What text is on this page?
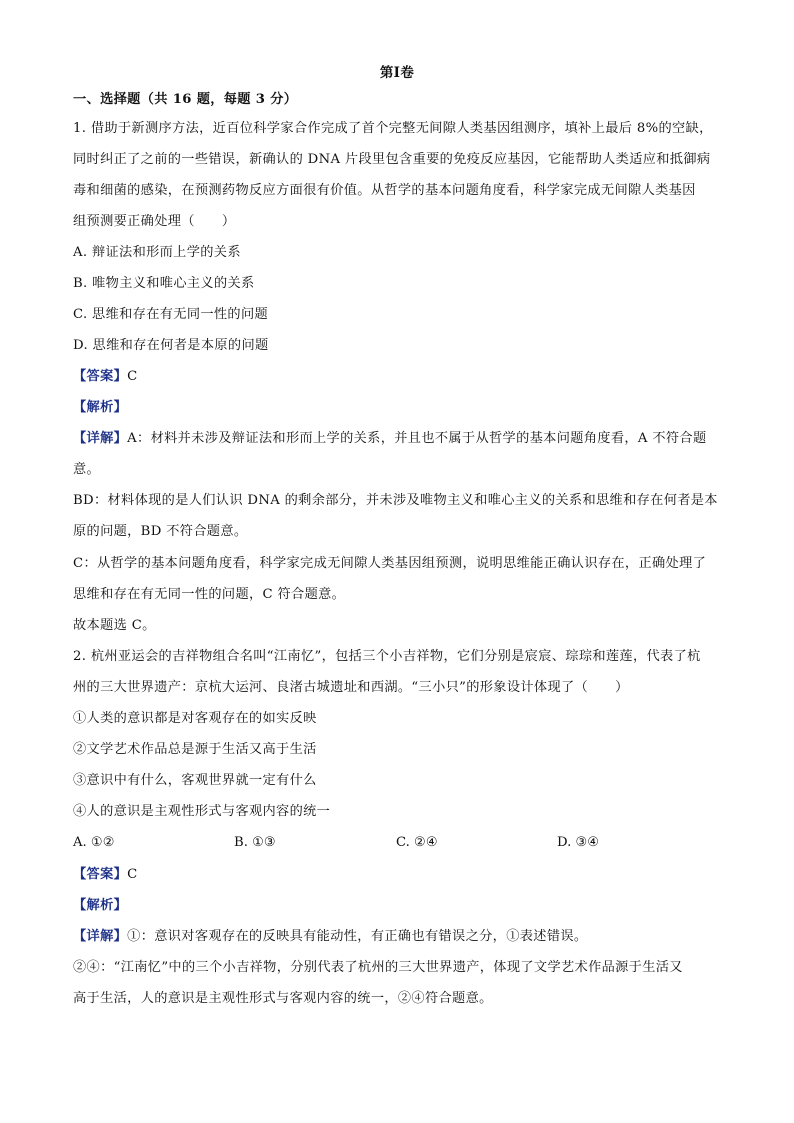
第Ⅰ卷
一、选择题（共 16 题，每题 3 分）
1. 借助于新测序方法，近百位科学家合作完成了首个完整无间隙人类基因组测序，填补上最后 8%的空缺，
同时纠正了之前的一些错误，新确认的 DNA 片段里包含重要的免疫反应基因，它能帮助人类适应和抵御病
毒和细菌的感染，在预测药物反应方面很有价值。从哲学的基本问题角度看，科学家完成无间隙人类基因
组预测要正确处理（　　）
A. 辩证法和形而上学的关系
B. 唯物主义和唯心主义的关系
C. 思维和存在有无同一性的问题
D. 思维和存在何者是本原的问题
【答案】C
【解析】
【详解】A：材料并未涉及辩证法和形而上学的关系，并且也不属于从哲学的基本问题角度看，A 不符合题
意。
BD：材料体现的是人们认识 DNA 的剩余部分，并未涉及唯物主义和唯心主义的关系和思维和存在何者是本
原的问题，BD 不符合题意。
C：从哲学的基本问题角度看，科学家完成无间隙人类基因组预测，说明思维能正确认识存在，正确处理了
思维和存在有无同一性的问题，C 符合题意。
故本题选 C。
2. 杭州亚运会的吉祥物组合名叫“江南忆”，包括三个小吉祥物，它们分别是宸宸、琮琮和莲莲，代表了杭
州的三大世界遗产：京杭大运河、良渚古城遗址和西湖。“三小只”的形象设计体现了（　　）
①人类的意识都是对客观存在的如实反映
②文学艺术作品总是源于生活又高于生活
③意识中有什么，客观世界就一定有什么
④人的意识是主观性形式与客观内容的统一
A. ①②	B. ①③	C. ②④	D. ③④
【答案】C
【解析】
【详解】①：意识对客观存在的反映具有能动性，有正确也有错误之分，①表述错误。
②④：“江南忆”中的三个小吉祥物，分别代表了杭州的三大世界遗产，体现了文学艺术作品源于生活又
高于生活，人的意识是主观性形式与客观内容的统一，②④符合题意。
